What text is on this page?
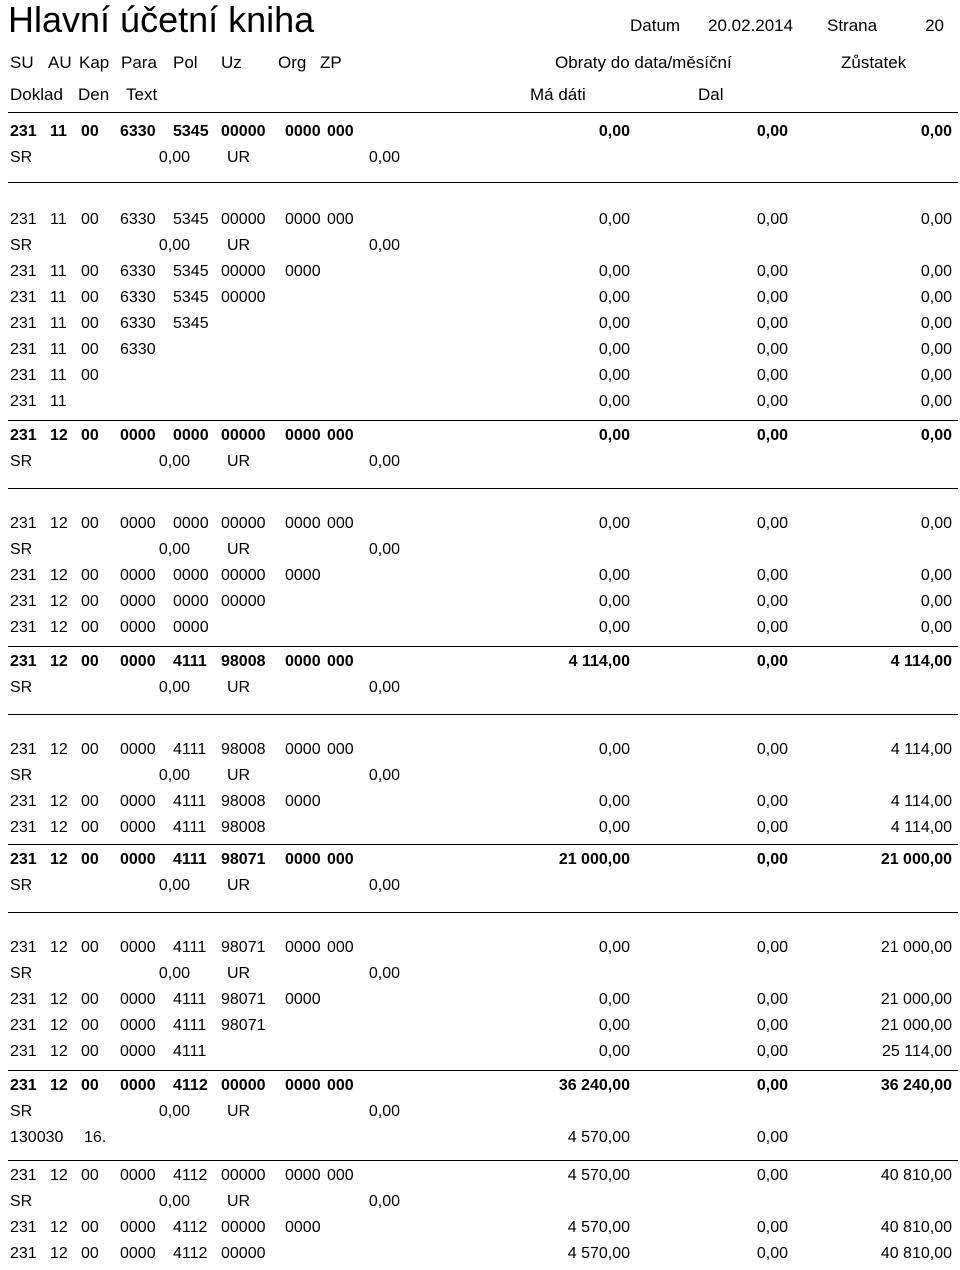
Hlavní účetní kniha	Datum 20.02.2014 Strana	20
SU AU Kap Para Pol Uz Org ZP	Obraty do data/měsíční	Zůstatek
Doklad Den Text	Má dáti	Dal
231 11 00 6330 5345 00000 0000 000	0,00	0,00	0,00
SR	0,00 UR	0,00
231 11 00 6330 5345 00000 0000 000	0,00	0,00	0,00
SR	0,00 UR	0,00
231 11 00 6330 5345 00000 0000	0,00	0,00	0,00
231 11 00 6330 5345 00000	0,00	0,00	0,00
231 11 00 6330 5345	0,00	0,00	0,00
231 11 00 6330	0,00	0,00	0,00
231 11 00	0,00	0,00	0,00
231 11	0,00	0,00	0,00
231 12 00 0000 0000 00000 0000 000	0,00	0,00	0,00
SR	0,00 UR	0,00
231 12 00 0000 0000 00000 0000 000	0,00	0,00	0,00
SR	0,00 UR	0,00
231 12 00 0000 0000 00000 0000	0,00	0,00	0,00
231 12 00 0000 0000 00000	0,00	0,00	0,00
231 12 00 0000 0000	0,00	0,00	0,00
231 12 00 0000 4111 98008 0000 000	4 114,00	0,00	4 114,00
SR	0,00 UR	0,00
231 12 00 0000 4111 98008 0000 000	0,00	0,00	4 114,00
SR	0,00 UR	0,00
231 12 00 0000 4111 98008 0000	0,00	0,00	4 114,00
231 12 00 0000 4111 98008	0,00	0,00	4 114,00
231 12 00 0000 4111 98071 0000 000	21 000,00	0,00	21 000,00
SR	0,00 UR	0,00
231 12 00 0000 4111 98071 0000 000	0,00	0,00	21 000,00
SR	0,00 UR	0,00
231 12 00 0000 4111 98071 0000	0,00	0,00	21 000,00
231 12 00 0000 4111 98071	0,00	0,00	21 000,00
231 12 00 0000 4111	0,00	0,00	25 114,00
231 12 00 0000 4112 00000 0000 000	36 240,00	0,00	36 240,00
SR	0,00 UR	0,00
130030 16.	4 570,00	0,00
231 12 00 0000 4112 00000 0000 000	4 570,00	0,00	40 810,00
SR	0,00 UR	0,00
231 12 00 0000 4112 00000 0000	4 570,00	0,00	40 810,00
231 12 00 0000 4112 00000	4 570,00	0,00	40 810,00
